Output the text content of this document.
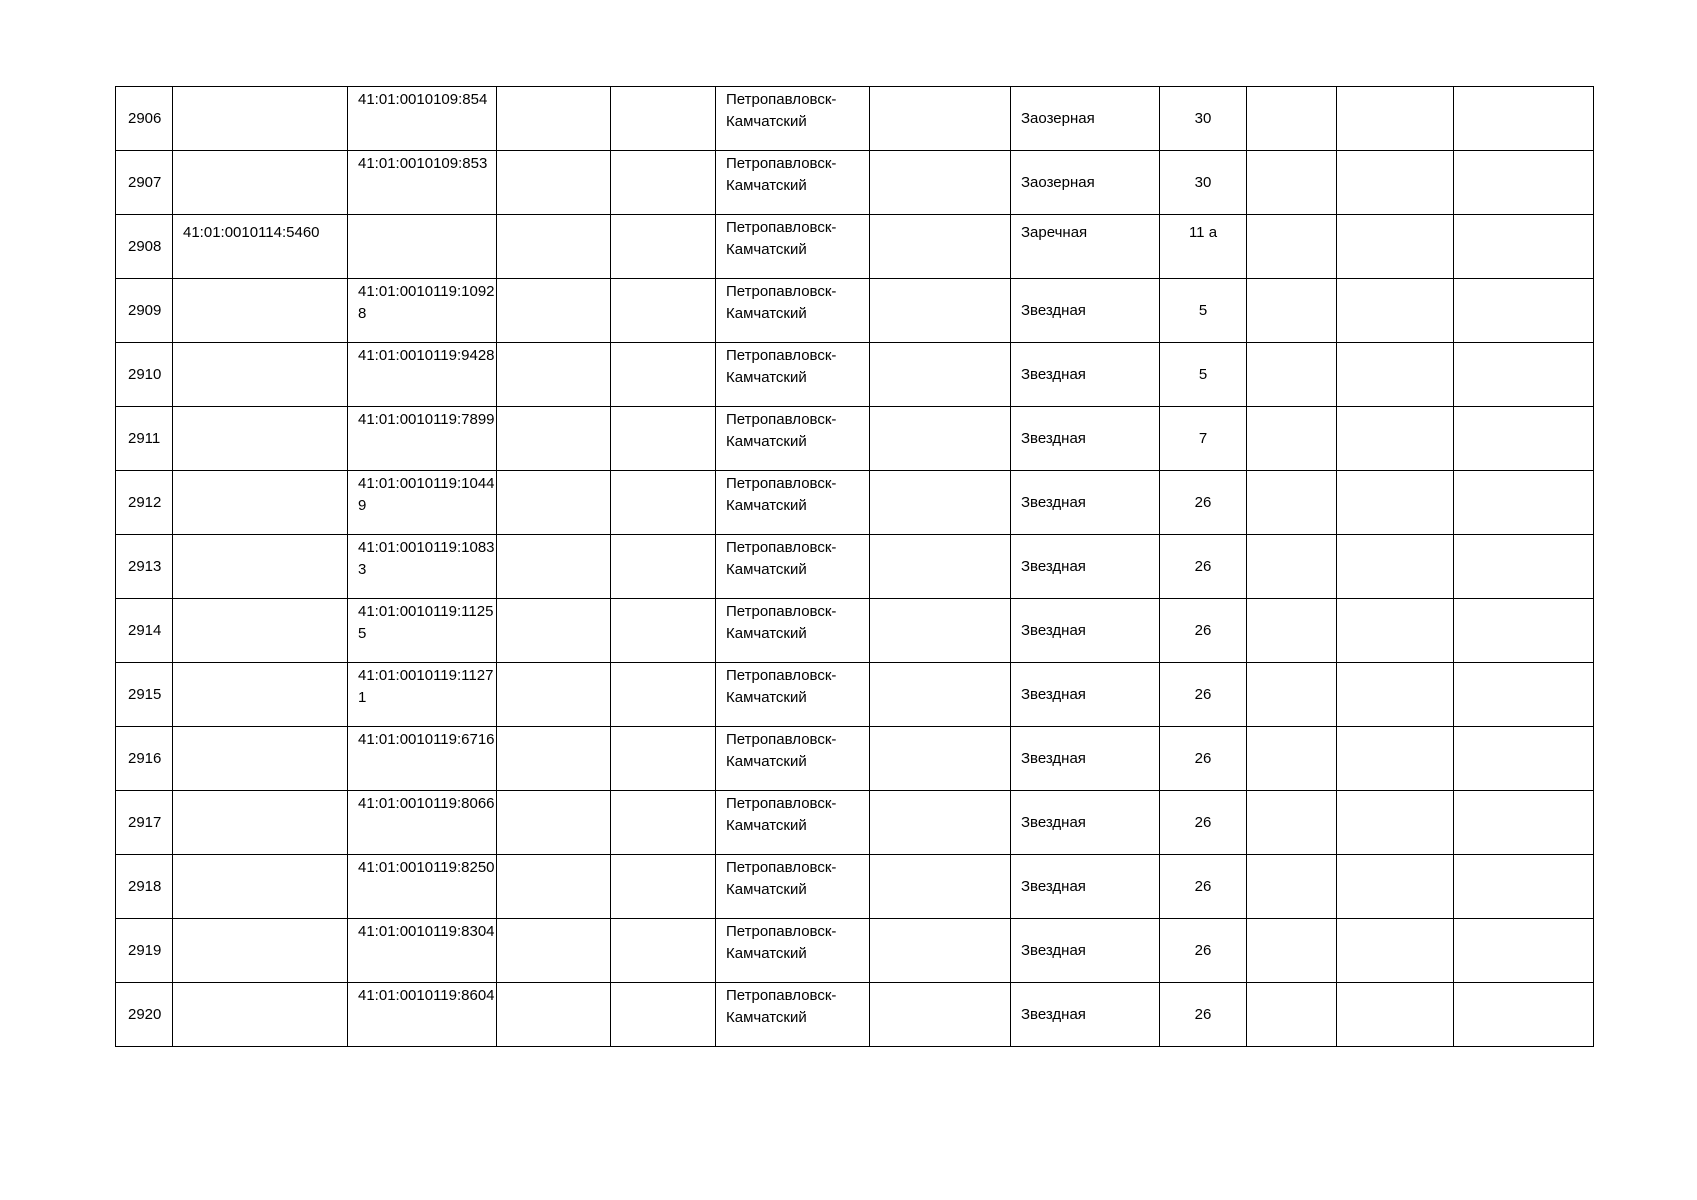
2906		41:01:0010109:854			Петропавловск-Камчатский		Заозерная	30			

2907		41:01:0010109:853			Петропавловск-Камчатский		Заозерная	30			

2908	41:01:0010114:5460				Петропавловск-Камчатский		Заречная	11 а			

2909		41:01:0010119:10928			Петропавловск-Камчатский		Звездная	5			

2910		41:01:0010119:9428			Петропавловск-Камчатский		Звездная	5			

2911		41:01:0010119:7899			Петропавловск-Камчатский		Звездная	7			

2912		41:01:0010119:10449			Петропавловск-Камчатский		Звездная	26			

2913		41:01:0010119:10833			Петропавловск-Камчатский		Звездная	26			

2914		41:01:0010119:11255			Петропавловск-Камчатский		Звездная	26			

2915		41:01:0010119:11271			Петропавловск-Камчатский		Звездная	26			

2916		41:01:0010119:6716			Петропавловск-Камчатский		Звездная	26			

2917		41:01:0010119:8066			Петропавловск-Камчатский		Звездная	26			

2918		41:01:0010119:8250			Петропавловск-Камчатский		Звездная	26			

2919		41:01:0010119:8304			Петропавловск-Камчатский		Звездная	26			

2920		41:01:0010119:8604			Петропавловск-Камчатский		Звездная	26			
